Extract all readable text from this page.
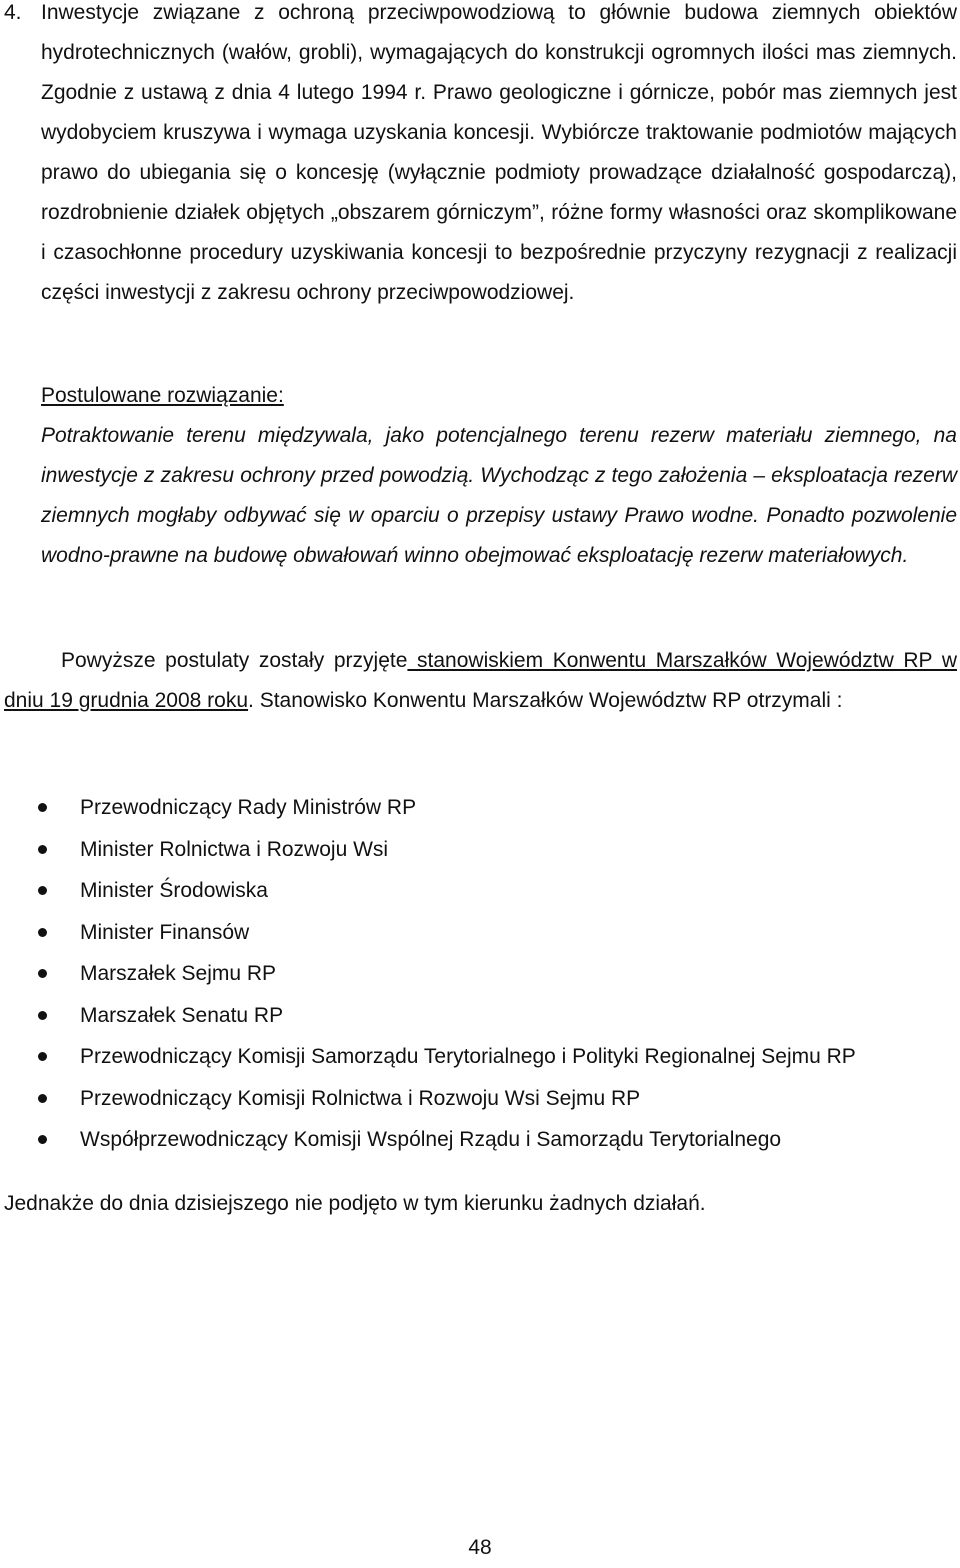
4. Inwestycje związane z ochroną przeciwpowodziową to głównie budowa ziemnych obiektów hydrotechnicznych (wałów, grobli), wymagających do konstrukcji ogromnych ilości mas ziemnych. Zgodnie z ustawą z dnia 4 lutego 1994 r. Prawo geologiczne i górnicze, pobór mas ziemnych jest wydobyciem kruszywa i wymaga uzyskania koncesji. Wybiórcze traktowanie podmiotów mających prawo do ubiegania się o koncesję (wyłącznie podmioty prowadzące działalność gospodarczą), rozdrobnienie działek objętych „obszarem górniczym”, różne formy własności oraz skomplikowane i czasochłonne procedury uzyskiwania koncesji to bezpośrednie przyczyny rezygnacji z realizacji części inwestycji z zakresu ochrony przeciwpowodziowej.
Postulowane rozwiązanie:
Potraktowanie terenu międzywala, jako potencjalnego terenu rezerw materiału ziemnego, na inwestycje z zakresu ochrony przed powodzią. Wychodząc z tego założenia – eksploatacja rezerw ziemnych mogłaby odbywać się w oparciu o przepisy ustawy Prawo wodne. Ponadto pozwolenie wodno-prawne na budowę obwałowań winno obejmować eksploatację rezerw materiałowych.
Powyższe postulaty zostały przyjęte stanowiskiem Konwentu Marszałków Województw RP w dniu 19 grudnia 2008 roku. Stanowisko Konwentu Marszałków Województw RP otrzymali :
Przewodniczący Rady Ministrów RP
Minister Rolnictwa i Rozwoju Wsi
Minister Środowiska
Minister Finansów
Marszałek Sejmu RP
Marszałek Senatu RP
Przewodniczący Komisji Samorządu Terytorialnego i Polityki Regionalnej Sejmu RP
Przewodniczący Komisji Rolnictwa i Rozwoju Wsi Sejmu RP
Współprzewodniczący Komisji Wspólnej Rządu i Samorządu Terytorialnego
Jednakże do dnia dzisiejszego nie podjęto w tym kierunku żadnych działań.
48
